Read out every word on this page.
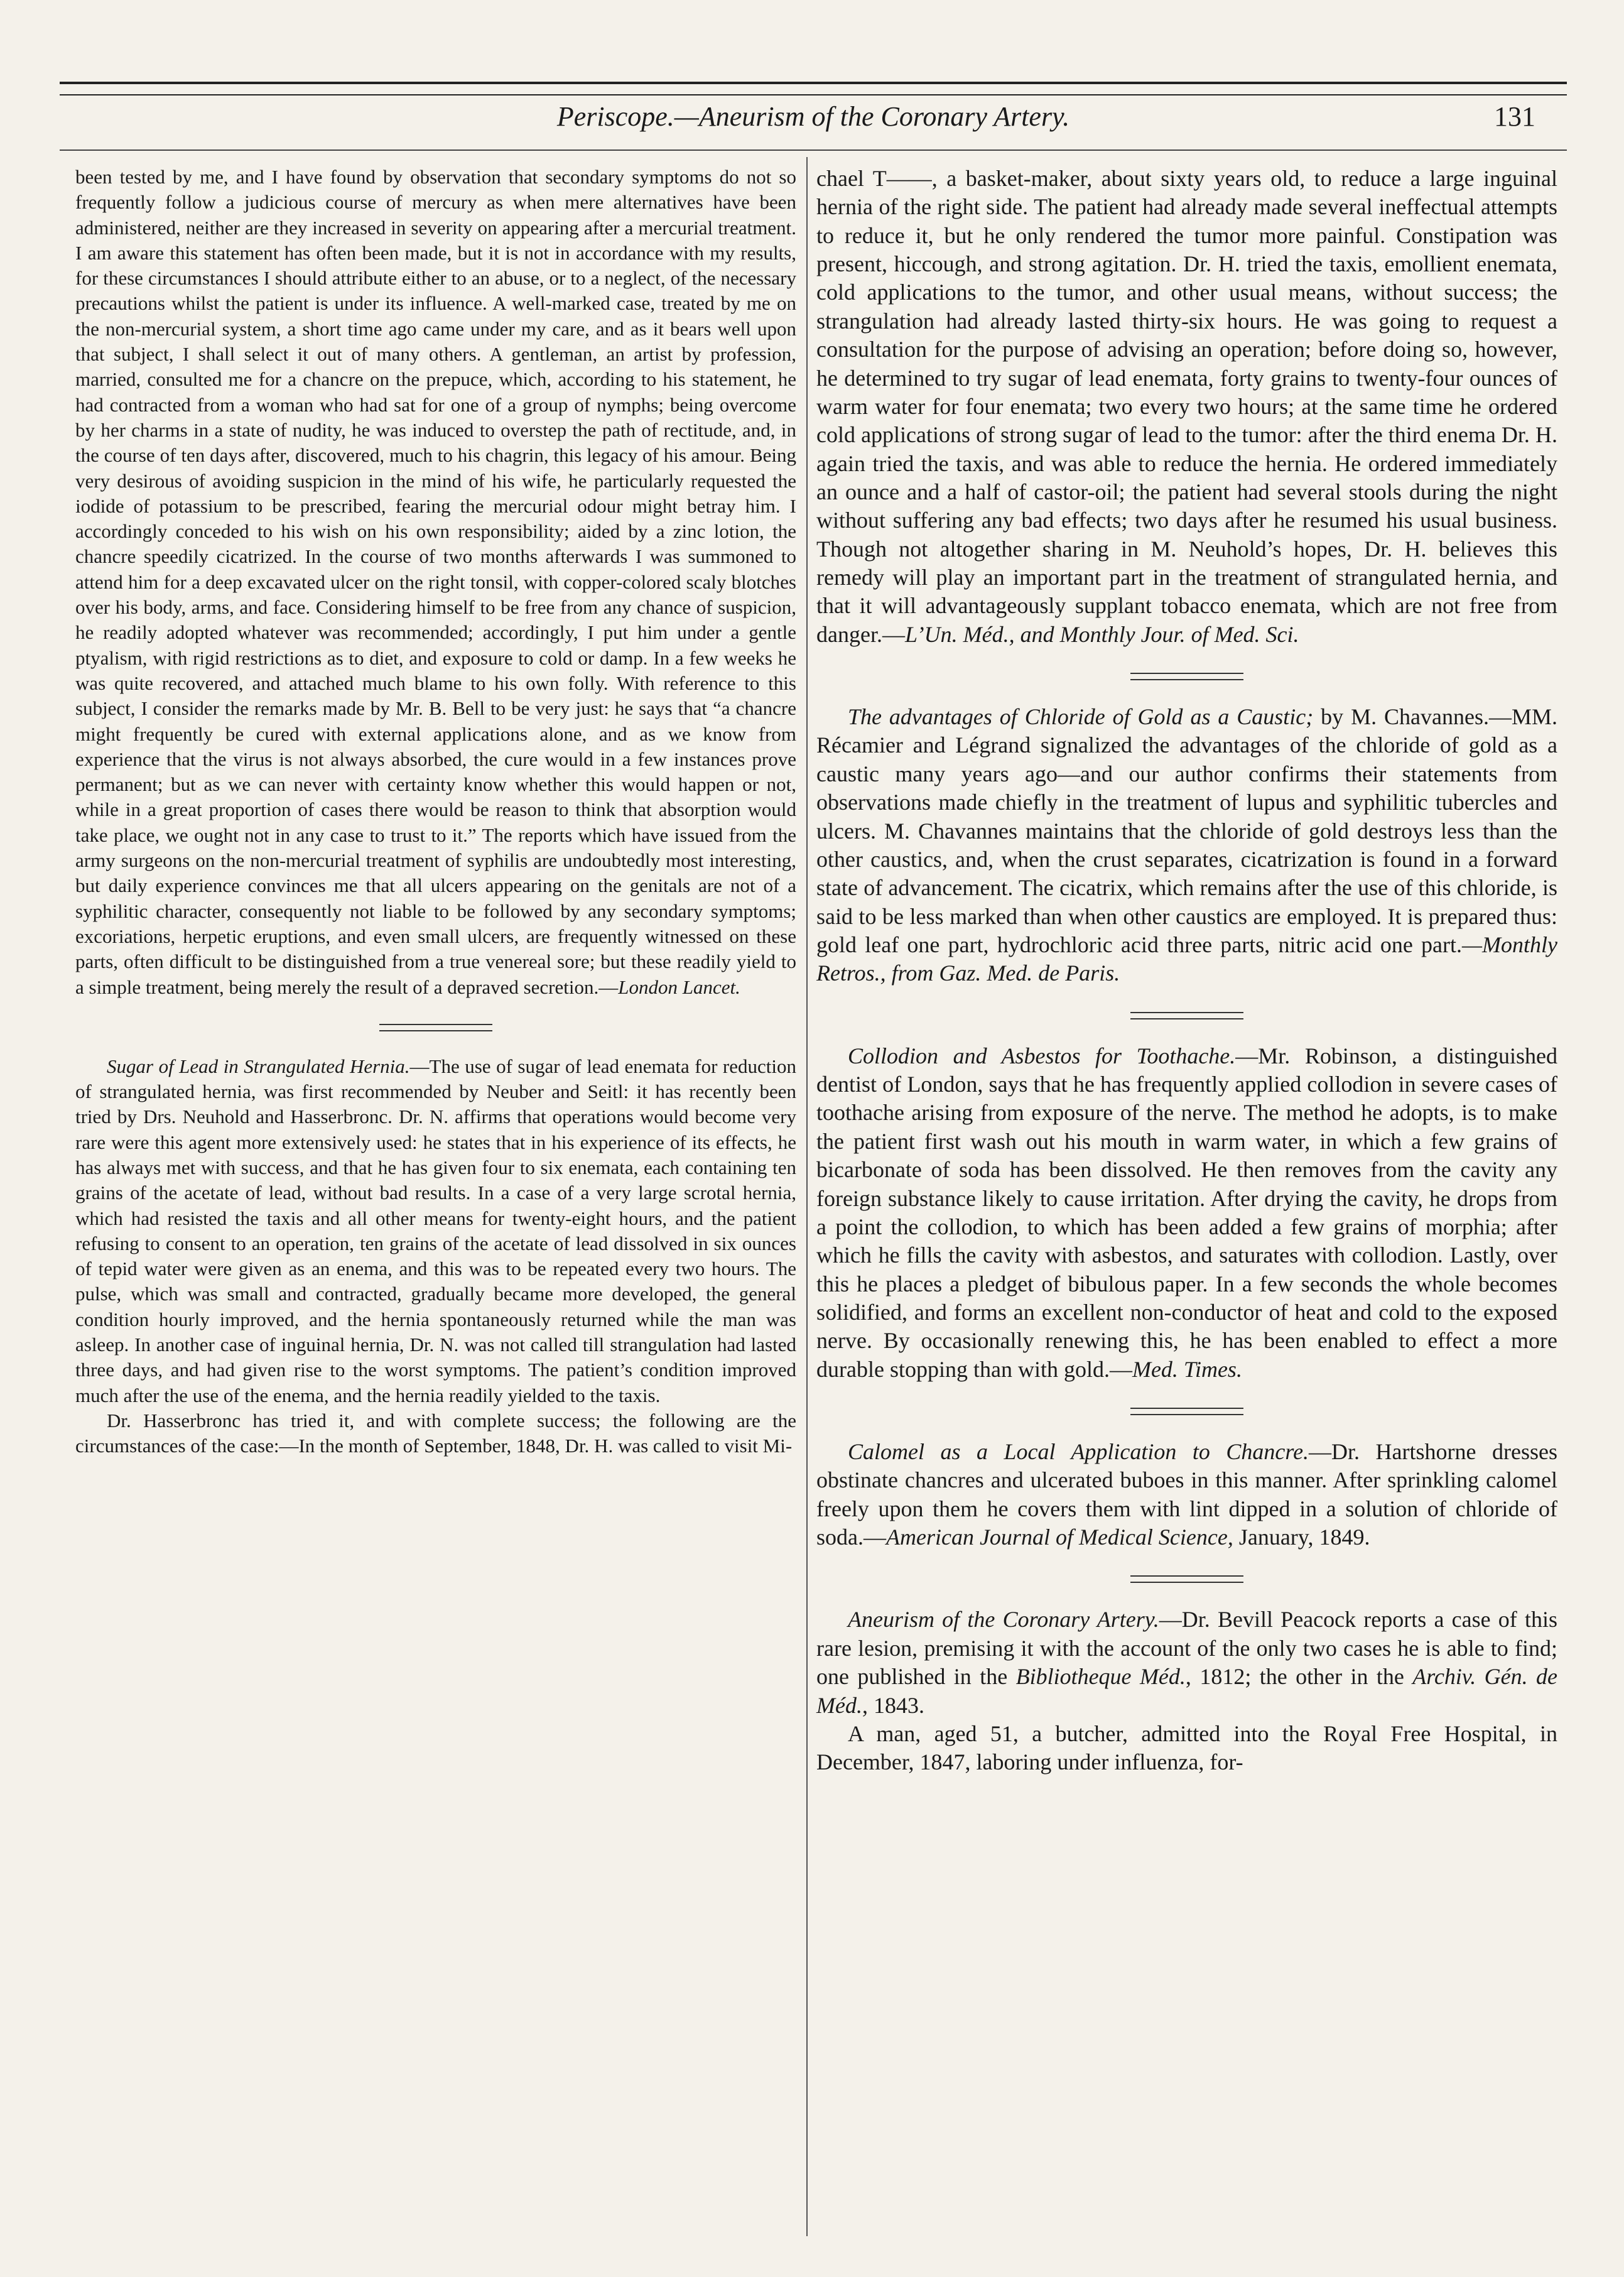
Periscope.—Aneurism of the Coronary Artery.	131

been tested by me, and I have found by observation that secondary symptoms do not so frequently follow a judicious course of mercury as when mere alternatives have been administered, neither are they increased in severity on appearing after a mercurial treatment. I am aware this statement has often been made, but it is not in accordance with my results, for these circumstances I should attribute either to an abuse, or to a neglect, of the necessary precautions whilst the patient is under its influence. A well-marked case, treated by me on the non-mercurial system, a short time ago came under my care, and as it bears well upon that subject, I shall select it out of many others. A gentleman, an artist by profession, married, consulted me for a chancre on the prepuce, which, according to his statement, he had contracted from a woman who had sat for one of a group of nymphs; being overcome by her charms in a state of nudity, he was induced to overstep the path of rectitude, and, in the course of ten days after, discovered, much to his chagrin, this legacy of his amour. Being very desirous of avoiding suspicion in the mind of his wife, he particularly requested the iodide of potassium to be prescribed, fearing the mercurial odour might betray him. I accordingly conceded to his wish on his own responsibility; aided by a zinc lotion, the chancre speedily cicatrized. In the course of two months afterwards I was summoned to attend him for a deep excavated ulcer on the right tonsil, with copper-colored scaly blotches over his body, arms, and face. Considering himself to be free from any chance of suspicion, he readily adopted whatever was recommended; accordingly, I put him under a gentle ptyalism, with rigid restrictions as to diet, and exposure to cold or damp. In a few weeks he was quite recovered, and attached much blame to his own folly. With reference to this subject, I consider the remarks made by Mr. B. Bell to be very just: he says that “a chancre might frequently be cured with external applications alone, and as we know from experience that the virus is not always absorbed, the cure would in a few instances prove permanent; but as we can never with certainty know whether this would happen or not, while in a great proportion of cases there would be reason to think that absorption would take place, we ought not in any case to trust to it.” The reports which have issued from the army surgeons on the non-mercurial treatment of syphilis are undoubtedly most interesting, but daily experience convinces me that all ulcers appearing on the genitals are not of a syphilitic character, consequently not liable to be followed by any secondary symptoms; excoriations, herpetic eruptions, and even small ulcers, are frequently witnessed on these parts, often difficult to be distinguished from a true venereal sore; but these readily yield to a simple treatment, being merely the result of a depraved secretion.—London Lancet.

Sugar of Lead in Strangulated Hernia.—The use of sugar of lead enemata for reduction of strangulated hernia, was first recommended by Neuber and Seitl: it has recently been tried by Drs. Neuhold and Hasserbronc. Dr. N. affirms that operations would become very rare were this agent more extensively used: he states that in his experience of its effects, he has always met with success, and that he has given four to six enemata, each containing ten grains of the acetate of lead, without bad results. In a case of a very large scrotal hernia, which had resisted the taxis and all other means for twenty-eight hours, and the patient refusing to consent to an operation, ten grains of the acetate of lead dissolved in six ounces of tepid water were given as an enema, and this was to be repeated every two hours. The pulse, which was small and contracted, gradually became more developed, the general condition hourly improved, and the hernia spontaneously returned while the man was asleep. In another case of inguinal hernia, Dr. N. was not called till strangulation had lasted three days, and had given rise to the worst symptoms. The patient’s condition improved much after the use of the enema, and the hernia readily yielded to the taxis.

Dr. Hasserbronc has tried it, and with complete success; the following are the circumstances of the case:—In the month of September, 1848, Dr. H. was called to visit Mi-

chael T——, a basket-maker, about sixty years old, to reduce a large inguinal hernia of the right side. The patient had already made several ineffectual attempts to reduce it, but he only rendered the tumor more painful. Constipation was present, hiccough, and strong agitation. Dr. H. tried the taxis, emollient enemata, cold applications to the tumor, and other usual means, without success; the strangulation had already lasted thirty-six hours. He was going to request a consultation for the purpose of advising an operation; before doing so, however, he determined to try sugar of lead enemata, forty grains to twenty-four ounces of warm water for four enemata; two every two hours; at the same time he ordered cold applications of strong sugar of lead to the tumor: after the third enema Dr. H. again tried the taxis, and was able to reduce the hernia. He ordered immediately an ounce and a half of castor-oil; the patient had several stools during the night without suffering any bad effects; two days after he resumed his usual business. Though not altogether sharing in M. Neuhold’s hopes, Dr. H. believes this remedy will play an important part in the treatment of strangulated hernia, and that it will advantageously supplant tobacco enemata, which are not free from danger.—L’Un. Méd., and Monthly Jour. of Med. Sci.

The advantages of Chloride of Gold as a Caustic; by M. Chavannes.—MM. Récamier and Légrand signalized the advantages of the chloride of gold as a caustic many years ago—and our author confirms their statements from observations made chiefly in the treatment of lupus and syphilitic tubercles and ulcers. M. Chavannes maintains that the chloride of gold destroys less than the other caustics, and, when the crust separates, cicatrization is found in a forward state of advancement. The cicatrix, which remains after the use of this chloride, is said to be less marked than when other caustics are employed. It is prepared thus: gold leaf one part, hydrochloric acid three parts, nitric acid one part.—Monthly Retros., from Gaz. Med. de Paris.

Collodion and Asbestos for Toothache.—Mr. Robinson, a distinguished dentist of London, says that he has frequently applied collodion in severe cases of toothache arising from exposure of the nerve. The method he adopts, is to make the patient first wash out his mouth in warm water, in which a few grains of bicarbonate of soda has been dissolved. He then removes from the cavity any foreign substance likely to cause irritation. After drying the cavity, he drops from a point the collodion, to which has been added a few grains of morphia; after which he fills the cavity with asbestos, and saturates with collodion. Lastly, over this he places a pledget of bibulous paper. In a few seconds the whole becomes solidified, and forms an excellent non-conductor of heat and cold to the exposed nerve. By occasionally renewing this, he has been enabled to effect a more durable stopping than with gold.—Med. Times.

Calomel as a Local Application to Chancre.—Dr. Hartshorne dresses obstinate chancres and ulcerated buboes in this manner. After sprinkling calomel freely upon them he covers them with lint dipped in a solution of chloride of soda.—American Journal of Medical Science, January, 1849.

Aneurism of the Coronary Artery.—Dr. Bevill Peacock reports a case of this rare lesion, premising it with the account of the only two cases he is able to find; one published in the Bibliotheque Méd., 1812; the other in the Archiv. Gén. de Méd., 1843.

A man, aged 51, a butcher, admitted into the Royal Free Hospital, in December, 1847, laboring under influenza, for-
